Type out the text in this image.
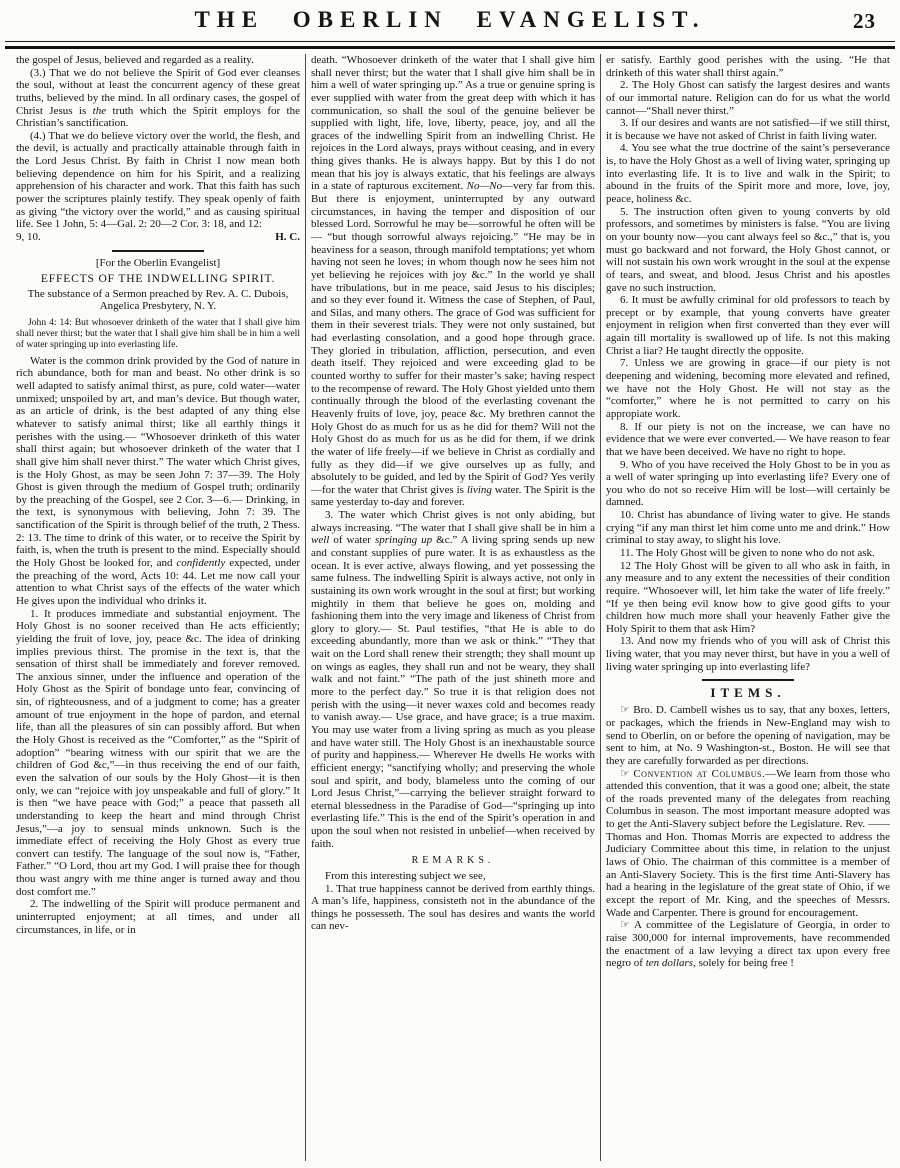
THE OBERLIN EVANGELIST.	23
the gospel of Jesus, believed and regarded as a reality.
(3.) That we do not believe the Spirit of God ever cleanses the soul, without at least the concurrent agency of these great truths, believed by the mind. In all ordinary cases, the gospel of Christ Jesus is the truth which the Spirit employs for the Christian’s sanctification.
(4.) That we do believe victory over the world, the flesh, and the devil, is actually and practically attainable through faith in the Lord Jesus Christ. By faith in Christ I now mean both believing dependence on him for his Spirit, and a realizing apprehension of his character and work. That this faith has such power the scriptures plainly testify. They speak openly of faith as giving “the victory over the world,” and as causing spiritual life. See 1 John, 5: 4—Gal. 2: 20—2 Cor. 3: 18, and 12:
9, 10.	H. C.
[For the Oberlin Evangelist]
EFFECTS OF THE INDWELLING SPIRIT.
The substance of a Sermon preached by Rev. A. C. Dubois, Angelica Presbytery, N. Y.
John 4: 14: But whosoever drinketh of the water that I shall give him shall never thirst; but the water that I shall give him shall be in him a well of water springing up into everlasting life.
Water is the common drink provided by the God of nature in rich abundance, both for man and beast. No other drink is so well adapted to satisfy animal thirst, as pure, cold water—water unmixed; unspoiled by art, and man’s device. But though water, as an article of drink, is the best adapted of any thing else whatever to satisfy animal thirst; like all earthly things it perishes with the using.— “Whosoever drinketh of this water shall thirst again; but whosoever drinketh of the water that I shall give him shall never thirst.” The water which Christ gives, is the Holy Ghost, as may be seen John 7: 37—39. The Holy Ghost is given through the medium of Gospel truth; ordinarily by the preaching of the Gospel, see 2 Cor. 3—6.— Drinking, in the text, is synonymous with believing, John 7: 39. The sanctification of the Spirit is through belief of the truth, 2 Thess. 2: 13. The time to drink of this water, or to receive the Spirit by faith, is, when the truth is present to the mind. Especially should the Holy Ghost be looked for, and confidently expected, under the preaching of the word, Acts 10: 44. Let me now call your attention to what Christ says of the effects of the water which He gives upon the individual who drinks it.
1. It produces immediate and substantial enjoyment. The Holy Ghost is no sooner received than He acts efficiently; yielding the fruit of love, joy, peace &c. The idea of drinking implies previous thirst. The promise in the text is, that the sensation of thirst shall be immediately and forever removed. The anxious sinner, under the influence and operation of the Holy Ghost as the Spirit of bondage unto fear, convincing of sin, of righteousness, and of a judgment to come; has a greater amount of true enjoyment in the hope of pardon, and eternal life, than all the pleasures of sin can possibly afford. But when the Holy Ghost is received as the “Comforter,” as the “Spirit of adoption” “bearing witness with our spirit that we are the children of God &c,”—in thus receiving the end of our faith, even the salvation of our souls by the Holy Ghost—it is then only, we can “rejoice with joy unspeakable and full of glory.” It is then “we have peace with God;” a peace that passeth all understanding to keep the heart and mind through Christ Jesus,”—a joy to sensual minds unknown. Such is the immediate effect of receiving the Holy Ghost as every true convert can testify. The language of the soul now is, “Father, Father.” “O Lord, thou art my God. I will praise thee for though thou wast angry with me thine anger is turned away and thou dost comfort me.”
2. The indwelling of the Spirit will produce permanent and uninterrupted enjoyment; at all times, and under all circumstances, in life, or in
death. “Whosoever drinketh of the water that I shall give him shall never thirst; but the water that I shall give him shall be in him a well of water springing up.” As a true or genuine spring is ever supplied with water from the great deep with which it has communication, so shall the soul of the genuine believer be supplied with light, life, love, liberty, peace, joy, and all the graces of the indwelling Spirit from an indwelling Christ. He rejoices in the Lord always, prays without ceasing, and in every thing gives thanks. He is always happy. But by this I do not mean that his joy is always extatic, that his feelings are always in a state of rapturous excitement. No—No—very far from this. But there is enjoyment, uninterrupted by any outward circumstances, in having the temper and disposition of our blessed Lord. Sorrowful he may be—sorrowful he often will be— “but though sorrowful always rejoicing.” “He may be in heaviness for a season, through manifold temptations; yet whom having not seen he loves; in whom though now he sees him not yet believing he rejoices with joy &c.” In the world ye shall have tribulations, but in me peace, said Jesus to his disciples; and so they ever found it. Witness the case of Stephen, of Paul, and Silas, and many others. The grace of God was sufficient for them in their severest trials. They were not only sustained, but had everlasting consolation, and a good hope through grace. They gloried in tribulation, affliction, persecution, and even death itself. They rejoiced and were exceeding glad to be counted worthy to suffer for their master’s sake; having respect to the recompense of reward. The Holy Ghost yielded unto them continually through the blood of the everlasting covenant the Heavenly fruits of love, joy, peace &c. My brethren cannot the Holy Ghost do as much for us as he did for them? Will not the Holy Ghost do as much for us as he did for them, if we drink the water of life freely—if we believe in Christ as cordially and fully as they did—if we give ourselves up as fully, and absolutely to be guided, and led by the Spirit of God? Yes verily—for the water that Christ gives is living water. The Spirit is the same yesterday to-day and forever.
3. The water which Christ gives is not only abiding, but always increasing. “The water that I shall give shall be in him a well of water springing up &c.” A living spring sends up new and constant supplies of pure water. It is as exhaustless as the ocean. It is ever active, always flowing, and yet possessing the same fulness. The indwelling Spirit is always active, not only in sustaining its own work wrought in the soul at first; but working mightily in them that believe he goes on, molding and fashioning them into the very image and likeness of Christ from glory to glory.— St. Paul testifies, “that He is able to do exceeding abundantly, more than we ask or think.” “They that wait on the Lord shall renew their strength; they shall mount up on wings as eagles, they shall run and not be weary, they shall walk and not faint.” “The path of the just shineth more and more to the perfect day.” So true it is that religion does not perish with the using—it never waxes cold and becomes ready to vanish away.— Use grace, and have grace; is a true maxim. You may use water from a living spring as much as you please and have water still. The Holy Ghost is an inexhaustable source of purity and happiness.— Wherever He dwells He works with efficient energy; “sanctifying wholly; and preserving the whole soul and spirit, and body, blameless unto the coming of our Lord Jesus Christ,”—carrying the believer straight forward to eternal blessedness in the Paradise of God—“springing up into everlasting life.” This is the end of the Spirit’s operation in and upon the soul when not resisted in unbelief—when received by faith.
REMARKS.
From this interesting subject we see,
1. That true happiness cannot be derived from earthly things. A man’s life, happiness, consisteth not in the abundance of the things he possesseth. The soul has desires and wants the world can nev-
er satisfy. Earthly good perishes with the using. “He that drinketh of this water shall thirst again.”
2. The Holy Ghost can satisfy the largest desires and wants of our immortal nature. Religion can do for us what the world cannot—“Shall never thirst.”
3. If our desires and wants are not satisfied—if we still thirst, it is because we have not asked of Christ in faith living water.
4. You see what the true doctrine of the saint’s perseverance is, to have the Holy Ghost as a well of living water, springing up into everlasting life. It is to live and walk in the Spirit; to abound in the fruits of the Spirit more and more, love, joy, peace, holiness &c.
5. The instruction often given to young converts by old professors, and sometimes by ministers is false. “You are living on your bounty now—you cant always feel so &c.,” that is, you must go backward and not forward, the Holy Ghost cannot, or will not sustain his own work wrought in the soul at the expense of tears, and sweat, and blood. Jesus Christ and his apostles gave no such instruction.
6. It must be awfully criminal for old professors to teach by precept or by example, that young converts have greater enjoyment in religion when first converted than they ever will again till mortality is swallowed up of life. Is not this making Christ a liar? He taught directly the opposite.
7. Unless we are growing in grace—if our piety is not deepening and widening, becoming more elevated and refined, we have not the Holy Ghost. He will not stay as the “comforter,” where he is not permitted to carry on his appropiate work.
8. If our piety is not on the increase, we can have no evidence that we were ever converted.— We have reason to fear that we have been deceived. We have no right to hope.
9. Who of you have received the Holy Ghost to be in you as a well of water springing up into everlasting life? Every one of you who do not so receive Him will be lost—will certainly be damned.
10. Christ has abundance of living water to give. He stands crying “if any man thirst let him come unto me and drink.” How criminal to stay away, to slight his love.
11. The Holy Ghost will be given to none who do not ask.
12 The Holy Ghost will be given to all who ask in faith, in any measure and to any extent the necessities of their condition require. “Whosoever will, let him take the water of life freely.” “If ye then being evil know how to give good gifts to your children how much more shall your heavenly Father give the Holy Spirit to them that ask Him?
13. And now my friends who of you will ask of Christ this living water, that you may never thirst, but have in you a well of living water springing up into everlasting life?
ITEMS.
☞ Bro. D. Cambell wishes us to say, that any boxes, letters, or packages, which the friends in New-England may wish to send to Oberlin, on or before the opening of navigation, may be sent to him, at No. 9 Washington-st., Boston. He will see that they are carefully forwarded as per directions.
☞ Convention at Columbus.—We learn from those who attended this convention, that it was a good one; albeit, the state of the roads prevented many of the delegates from reaching Columbus in season. The most important measure adopted was to get the Anti-Slavery subject before the Legislature. Rev. —— Thomas and Hon. Thomas Morris are expected to address the Judiciary Committee about this time, in relation to the unjust laws of Ohio. The chairman of this committee is a member of an Anti-Slavery Society. This is the first time Anti-Slavery has had a hearing in the legislature of the great state of Ohio, if we except the report of Mr. King, and the speeches of Messrs. Wade and Carpenter. There is ground for encouragement.
☞ A committee of the Legislature of Georgia, in order to raise 300,000 for internal improvements, have recommended the enactment of a law levying a direct tax upon every free negro of ten dollars, solely for being free !
